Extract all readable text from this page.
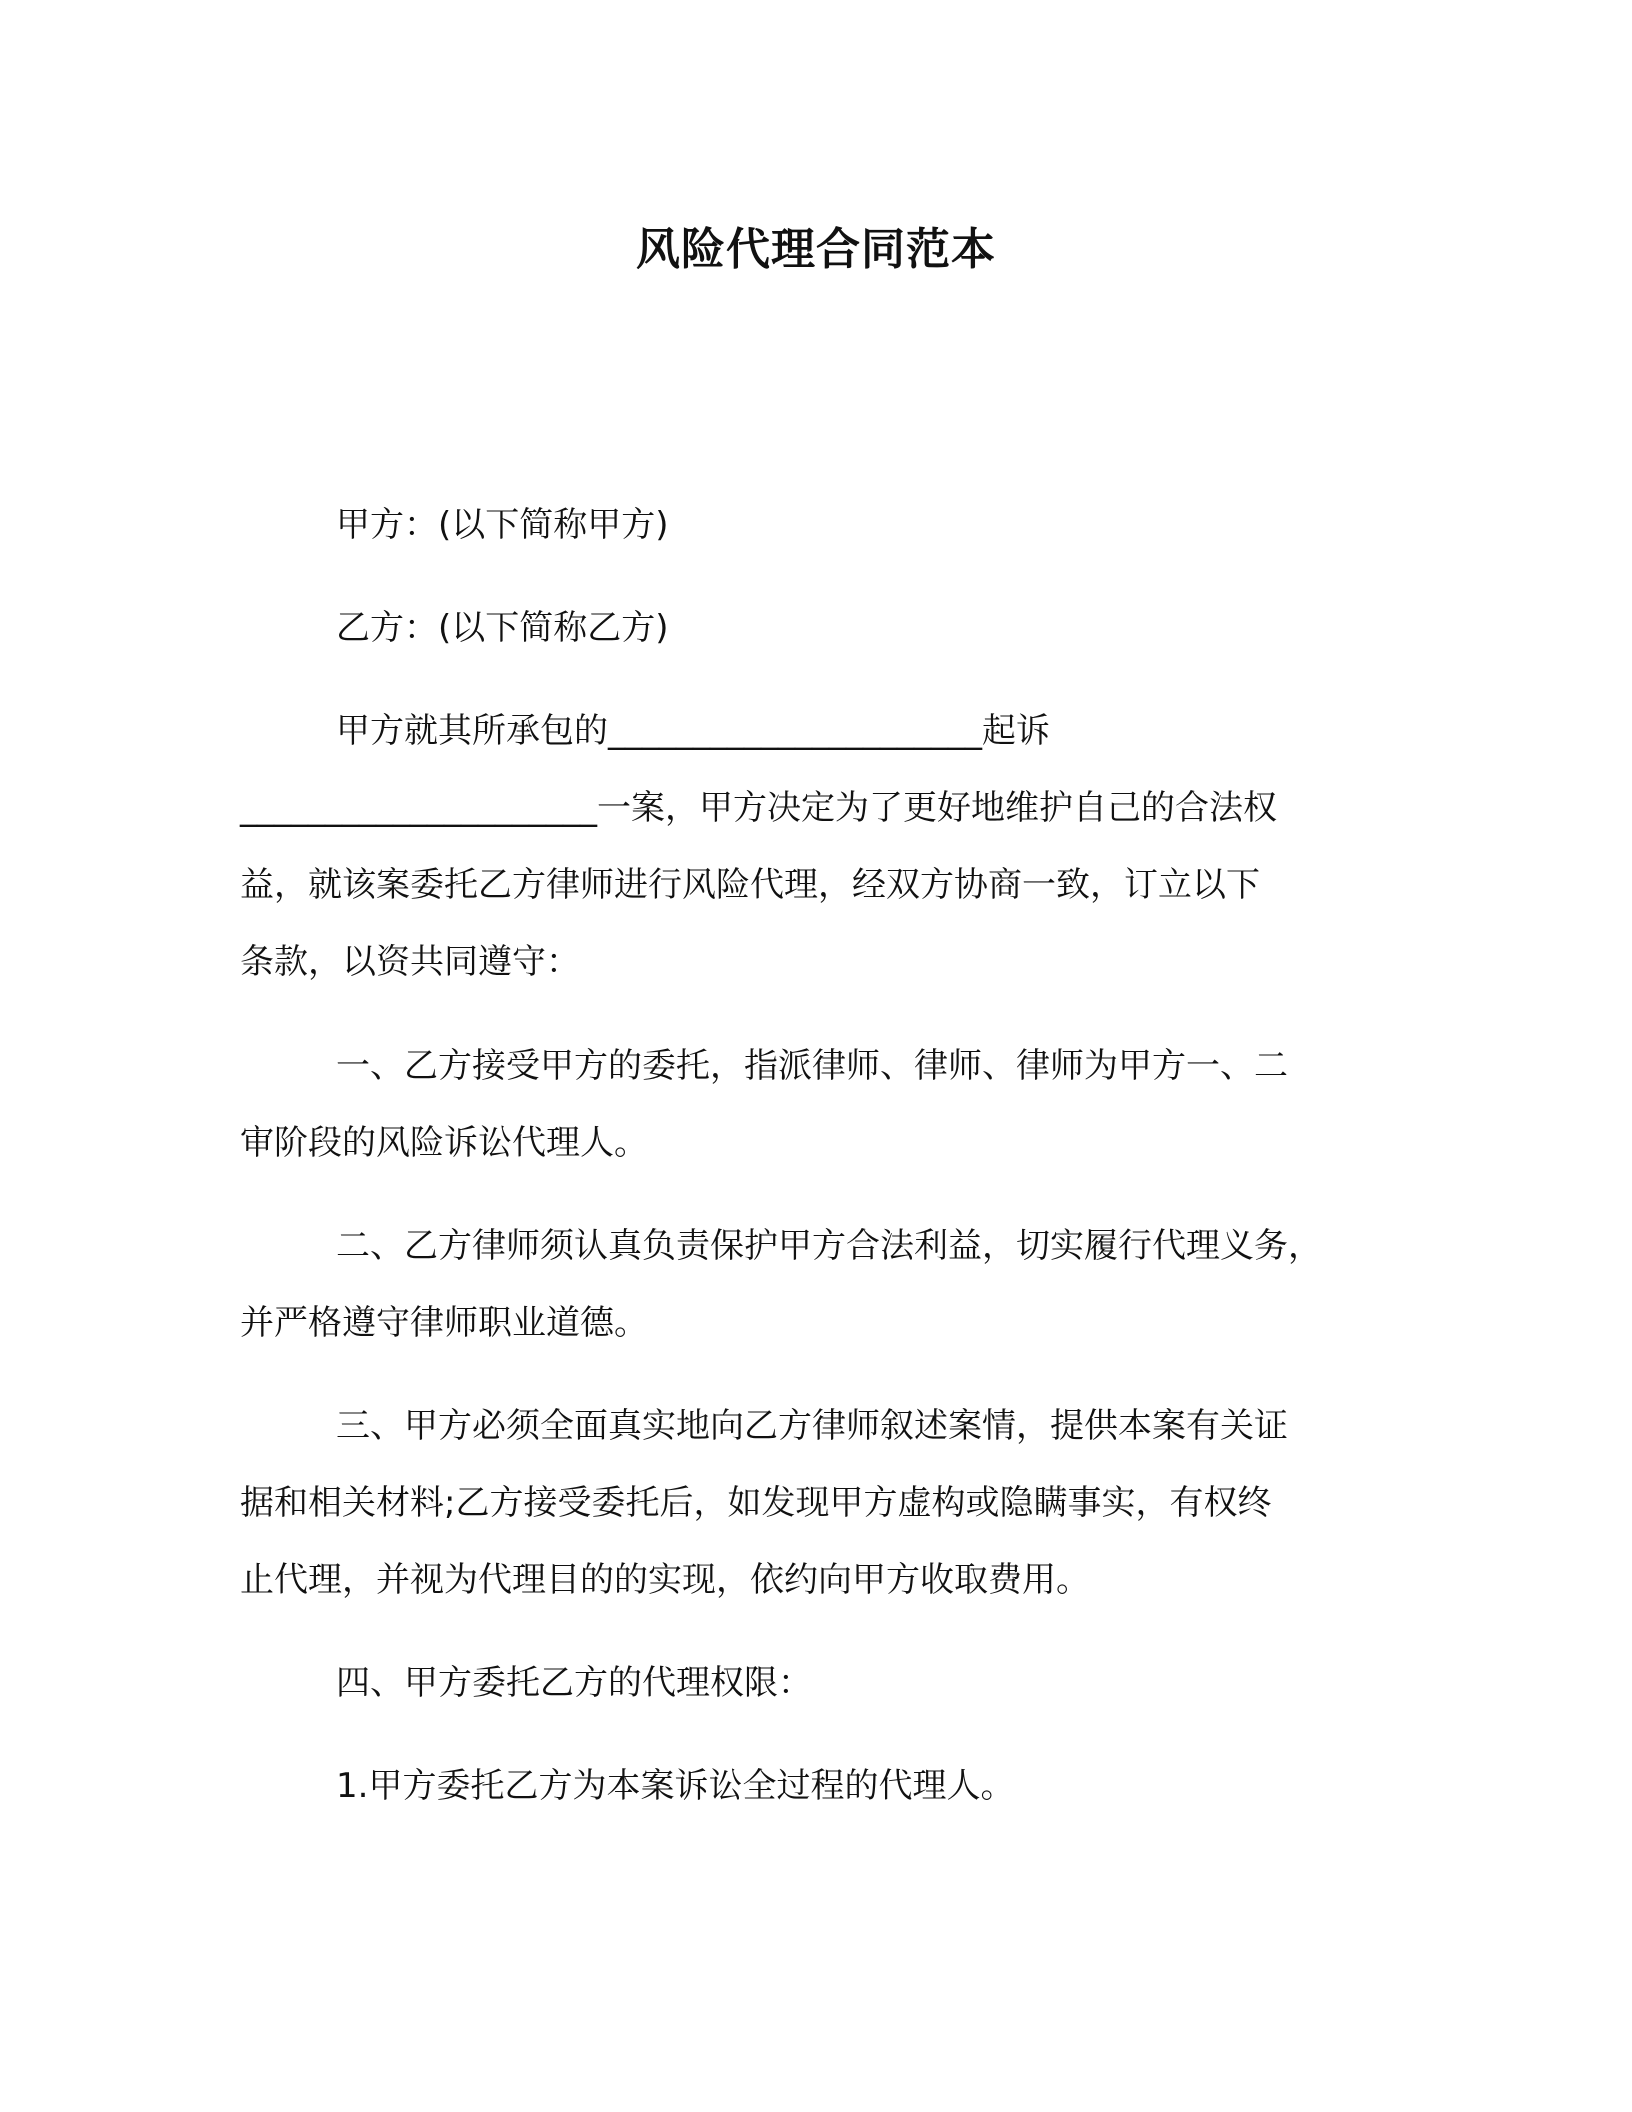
风险代理合同范本

甲方：(以下简称甲方)

乙方：(以下简称乙方)

甲方就其所承包的______________________起诉
_____________________一案，甲方决定为了更好地维护自己的合法权
益，就该案委托乙方律师进行风险代理，经双方协商一致，订立以下
条款，以资共同遵守：

一、乙方接受甲方的委托，指派律师、律师、律师为甲方一、二
审阶段的风险诉讼代理人。

二、乙方律师须认真负责保护甲方合法利益，切实履行代理义务，
并严格遵守律师职业道德。

三、甲方必须全面真实地向乙方律师叙述案情，提供本案有关证
据和相关材料;乙方接受委托后，如发现甲方虚构或隐瞒事实，有权终
止代理，并视为代理目的的实现，依约向甲方收取费用。

四、甲方委托乙方的代理权限：

1.甲方委托乙方为本案诉讼全过程的代理人。
